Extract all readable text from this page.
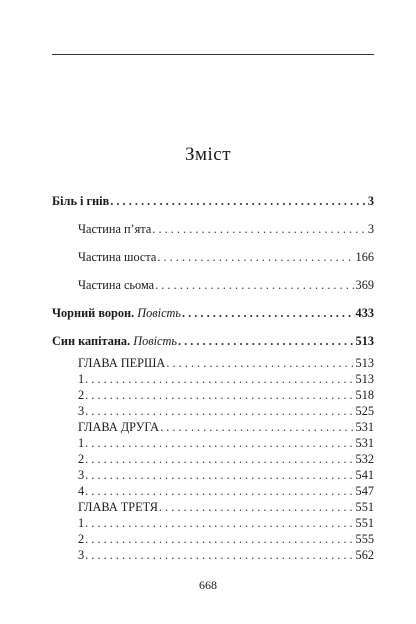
Зміст
Біль і гнів . . .	3
Частина п’ята . . .	3
Частина шоста . . .	166
Частина сьома . . .	369
Чорний ворон. Повість . . .	433
Син капітана. Повість . . .	513
ГЛАВА ПЕРША . . .	513
1 . . .	513
2 . . .	518
3 . . .	525
ГЛАВА ДРУГА . . .	531
1 . . .	531
2 . . .	532
3 . . .	541
4 . . .	547
ГЛАВА ТРЕТЯ . . .	551
1 . . .	551
2 . . .	555
3 . . .	562
668
